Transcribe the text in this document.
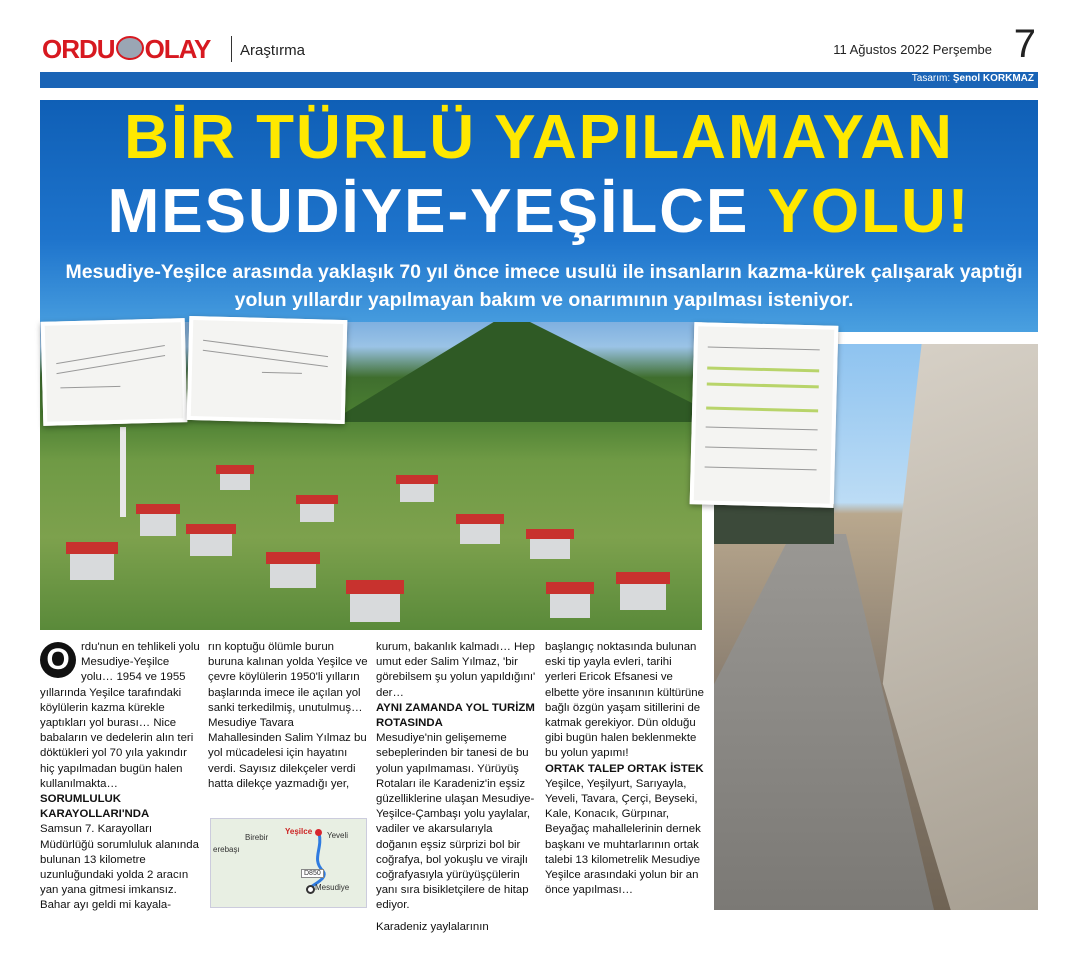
ORDU OLAY Araştırma	11 Ağustos 2022 Perşembe 7
Tasarım: Şenol KORKMAZ
BİR TÜRLÜ YAPILAMAYAN
MESUDİYE-YEŞİLCE YOLU!
Mesudiye-Yeşilce arasında yaklaşık 70 yıl önce imece usulü ile insanların kazma-kürek çalışarak yaptığı yolun yıllardır yapılmayan bakım ve onarımının yapılması isteniyor.
O rdu'nun en tehlikeli yolu Mesudiye-Yeşilce yolu… 1954 ve 1955 yıllarında Yeşilce tarafındaki köylülerin kazma kürekle yaptıkları yol burası… Nice babaların ve dedelerin alın teri döktükleri yol 70 yıla yakındır hiç yapılmadan bugün halen kullanılmakta…

SORUMLULUK KARAYOLLARI'NDA

Samsun 7. Karayolları Müdürlüğü sorumluluk alanında bulunan 13 kilometre uzunluğundaki yolda 2 aracın yan yana gitmesi imkansız. Bahar ayı geldi mi kayala-

rın koptuğu ölümle burun buruna kalınan yolda Yeşilce ve çevre köylülerin 1950'li yılların başlarında imece ile açılan yol sanki terkedilmiş, unutulmuş… Mesudiye Tavara Mahallesinden Salim Yılmaz bu yol mücadelesi için hayatını verdi. Sayısız dilekçeler verdi hatta dilekçe yazmadığı yer,

kurum, bakanlık kalmadı… Hep umut eder Salim Yılmaz, 'bir görebilsem şu yolun yapıldığını' der…

AYNI ZAMANDA YOL TURİZM ROTASINDA

Mesudiye'nin gelişememe sebeplerinden bir tanesi de bu yolun yapılmaması. Yürüyüş Rotaları ile Karadeniz'in eşsiz güzelliklerine ulaşan Mesudiye-Yeşilce-Çambaşı yolu yaylalar, vadiler ve akarsularıyla doğanın eşsiz sürprizi bol bir coğrafya, bol yokuşlu ve virajlı coğrafyasıyla yürüyüşçülerin yanı sıra bisikletçilere de hitap ediyor.

Karadeniz yaylalarının

başlangıç noktasında bulunan eski tip yayla evleri, tarihi yerleri Ericok Efsanesi ve elbette yöre insanının kültürüne bağlı özgün yaşam sitillerini de katmak gerekiyor. Dün olduğu gibi bugün halen beklenmekte bu yolun yapımı!

ORTAK TALEP ORTAK İSTEK

Yeşilce, Yeşilyurt, Sarıyayla, Yeveli, Tavara, Çerçi, Beyseki, Kale, Konacık, Gürpınar, Beyağaç mahallelerinin dernek başkanı ve muhtarlarının ortak talebi 13 kilometrelik Mesudiye Yeşilce arasındaki yolun bir an önce yapılması…

Yeşilce Yeveli
Birebir
Mesudiye
erebaşı
D850
